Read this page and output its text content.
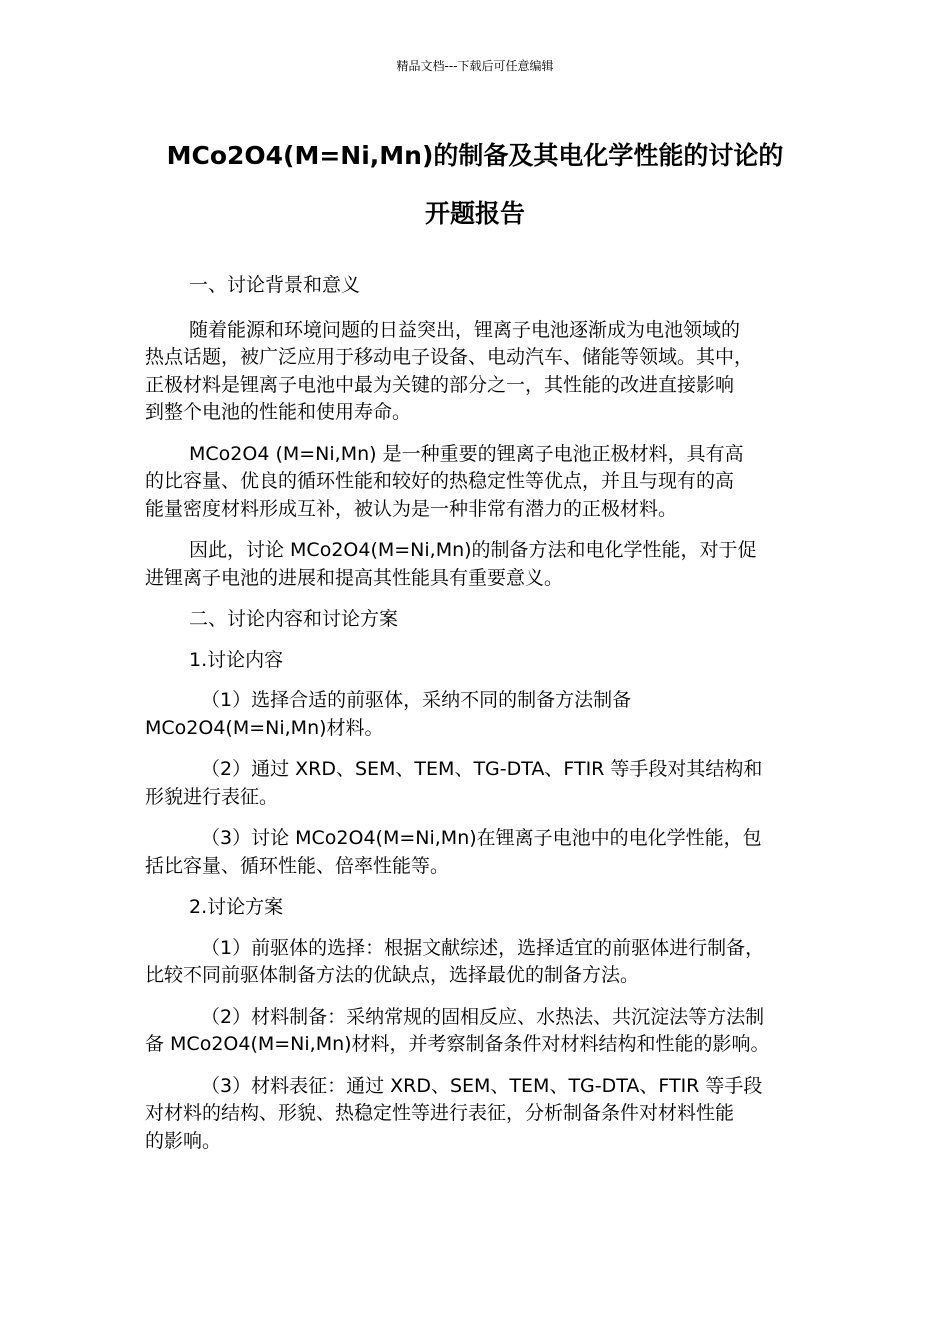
精品文档---下载后可任意编辑
MCo2O4(M=Ni,Mn)的制备及其电化学性能的讨论的
开题报告
一、讨论背景和意义
随着能源和环境问题的日益突出，锂离子电池逐渐成为电池领域的
热点话题，被广泛应用于移动电子设备、电动汽车、储能等领域。其中，
正极材料是锂离子电池中最为关键的部分之一，其性能的改进直接影响
到整个电池的性能和使用寿命。
MCo2O4 (M=Ni,Mn) 是一种重要的锂离子电池正极材料，具有高
的比容量、优良的循环性能和较好的热稳定性等优点，并且与现有的高
能量密度材料形成互补，被认为是一种非常有潜力的正极材料。
因此，讨论 MCo2O4(M=Ni,Mn)的制备方法和电化学性能，对于促
进锂离子电池的进展和提高其性能具有重要意义。
二、讨论内容和讨论方案
1.讨论内容
（1）选择合适的前驱体，采纳不同的制备方法制备
MCo2O4(M=Ni,Mn)材料。
（2）通过 XRD、SEM、TEM、TG-DTA、FTIR 等手段对其结构和
形貌进行表征。
（3）讨论 MCo2O4(M=Ni,Mn)在锂离子电池中的电化学性能，包
括比容量、循环性能、倍率性能等。
2.讨论方案
（1）前驱体的选择：根据文献综述，选择适宜的前驱体进行制备，
比较不同前驱体制备方法的优缺点，选择最优的制备方法。
（2）材料制备：采纳常规的固相反应、水热法、共沉淀法等方法制
备 MCo2O4(M=Ni,Mn)材料，并考察制备条件对材料结构和性能的影响。
（3）材料表征：通过 XRD、SEM、TEM、TG-DTA、FTIR 等手段
对材料的结构、形貌、热稳定性等进行表征，分析制备条件对材料性能
的影响。
